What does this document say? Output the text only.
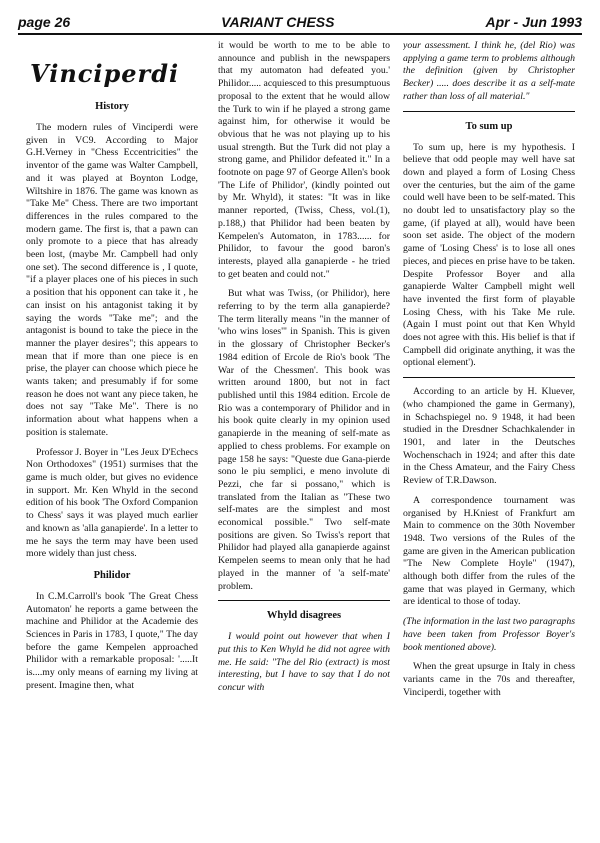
page 26	VARIANT CHESS	Apr - Jun 1993
Vinciperdi
History

The modern rules of Vinciperdi were given in VC9. According to Major G.H.Verney in "Chess Eccentricities" the inventor of the game was Walter Campbell, and it was played at Boynton Lodge, Wiltshire in 1876. The game was known as "Take Me" Chess. There are two important differences in the rules compared to the modern game. The first is, that a pawn can only promote to a piece that has already been lost, (maybe Mr. Campbell had only one set). The second difference is , I quote, "if a player places one of his pieces in such a position that his opponent can take it , he can insist on his antagonist taking it by saying the words "Take me"; and the antagonist is bound to take the piece in the manner the player desires"; this appears to mean that if more than one piece is en prise, the player can choose which piece he wants taken; and presumably if for some reason he does not want any piece taken, he does not say "Take Me". There is no information about what happens when a position is stalemate.

Professor J. Boyer in "Les Jeux D'Echecs Non Orthodoxes" (1951) surmises that the game is much older, but gives no evidence in support. Mr. Ken Whyld in the second edition of his book 'The Oxford Companion to Chess' says it was played much earlier and known as 'alla ganapierde'. In a letter to me he says the term may have been used more widely than just chess.

Philidor

In C.M.Carroll's book 'The Great Chess Automaton' he reports a game between the machine and Philidor at the Academie des Sciences in Paris in 1783, I quote," The day before the game Kempelen approached Philidor with a remarkable proposal: '.....It is....my only means of earning my living at present. Imagine then, what

it would be worth to me to be able to announce and publish in the newspapers that my automaton had defeated you.' Philidor..... acquiesced to this presumptuous proposal to the extent that he would allow the Turk to win if he played a strong game against him, for otherwise it would be obvious that he was not playing up to his usual strength. But the Turk did not play a strong game, and Philidor defeated it." In a footnote on page 97 of George Allen's book 'The Life of Philidor', (kindly pointed out by Mr. Whyld), it states: "It was in like manner reported, (Twiss, Chess, vol.(1), p.188,) that Philidor had been beaten by Kempelen's Automaton, in 1783...... for Philidor, to favour the good baron's interests, played alla ganapierde - he tried to get beaten and could not."

But what was Twiss, (or Philidor), here referring to by the term alla ganapierde? The term literally means "in the manner of 'who wins loses'" in Spanish. This is given in the glossary of Christopher Becker's 1984 edition of Ercole de Rio's book 'The War of the Chessmen'. This book was written around 1800, but not in fact published until this 1984 edition. Ercole de Rio was a contemporary of Philidor and in his book quite clearly in my opinion used ganapierde in the meaning of self-mate as applied to chess problems. For example on page 158 he says: "Queste due Gana-pierde sono le piu semplici, e meno involute di Pezzi, che far si possano," which is translated from the Italian as "These two self-mates are the simplest and most economical possible." Two self-mate positions are given. So Twiss's report that Philidor had played alla ganapierde against Kempelen seems to mean only that he had played in the manner of 'a self-mate' problem.

Whyld disagrees

I would point out however that when I put this to Ken Whyld he did not agree with me. He said: "The del Rio (extract) is most interesting, but I have to say that I do not concur with

your assessment. I think he, (del Rio) was applying a game term to problems although the definition (given by Christopher Becker) ..... does describe it as a self-mate rather than loss of all material."

To sum up

To sum up, here is my hypothesis. I believe that odd people may well have sat down and played a form of Losing Chess over the centuries, but the aim of the game could well have been to be self-mated. This no doubt led to unsatisfactory play so the game, (if played at all), would have been soon set aside. The object of the modern game of 'Losing Chess' is to lose all ones pieces, and pieces en prise have to be taken. Despite Professor Boyer and alla ganapierde Walter Campbell might well have invented the first form of playable Losing Chess, with his Take Me rule. (Again I must point out that Ken Whyld does not agree with this. His belief is that if Campbell did originate anything, it was the optional element').

According to an article by H. Kluever, (who championed the game in Germany), in Schachspiegel no. 9 1948, it had been studied in the Dresdner Schachkalender in 1901, and later in the Deutsches Wochenschach in 1924; and after this date in the Chess Amateur, and the Fairy Chess Review of T.R.Dawson.

A correspondence tournament was organised by H.Kniest of Frankfurt am Main to commence on the 30th November 1948. Two versions of the Rules of the game are given in the American publication "The New Complete Hoyle" (1947), although both differ from the rules of the game that was played in Germany, which are identical to those of today.

(The information in the last two paragraphs have been taken from Professor Boyer's book mentioned above).

When the great upsurge in Italy in chess variants came in the 70s and thereafter, Vinciperdi, together with
